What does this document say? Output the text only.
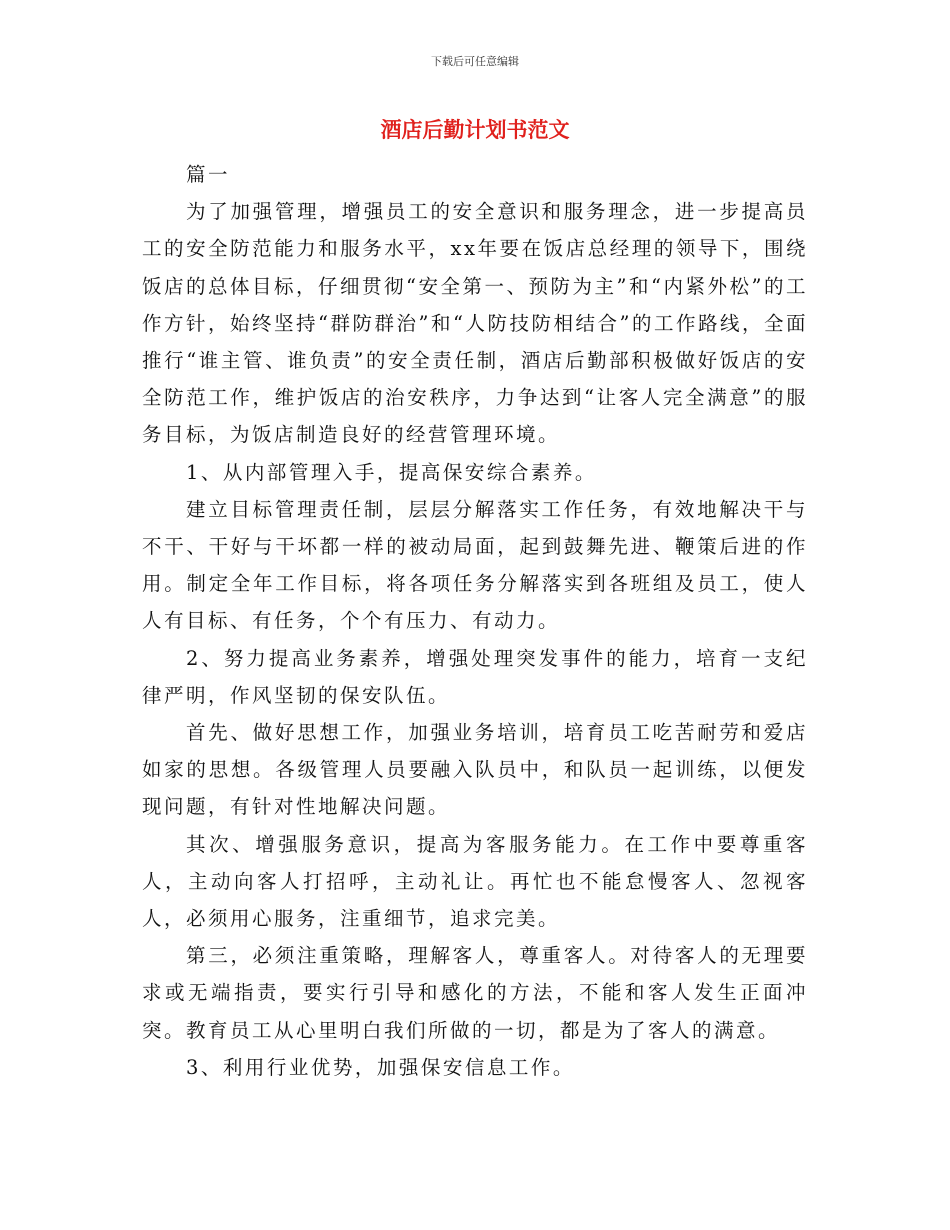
下载后可任意编辑
酒店后勤计划书范文

篇一

为了加强管理，增强员工的安全意识和服务理念，进一步提高员工的安全防范能力和服务水平，xx年要在饭店总经理的领导下，围绕饭店的总体目标，仔细贯彻“安全第一、预防为主”和“内紧外松”的工作方针，始终坚持“群防群治”和“人防技防相结合”的工作路线，全面推行“谁主管、谁负责”的安全责任制，酒店后勤部积极做好饭店的安全防范工作，维护饭店的治安秩序，力争达到“让客人完全满意”的服务目标，为饭店制造良好的经营管理环境。

1、从内部管理入手，提高保安综合素养。

建立目标管理责任制，层层分解落实工作任务，有效地解决干与不干、干好与干坏都一样的被动局面，起到鼓舞先进、鞭策后进的作用。制定全年工作目标，将各项任务分解落实到各班组及员工，使人人有目标、有任务，个个有压力、有动力。

2、努力提高业务素养，增强处理突发事件的能力，培育一支纪律严明，作风坚韧的保安队伍。

首先、做好思想工作，加强业务培训，培育员工吃苦耐劳和爱店如家的思想。各级管理人员要融入队员中，和队员一起训练，以便发现问题，有针对性地解决问题。

其次、增强服务意识，提高为客服务能力。在工作中要尊重客人，主动向客人打招呼，主动礼让。再忙也不能怠慢客人、忽视客人，必须用心服务，注重细节，追求完美。

第三，必须注重策略，理解客人，尊重客人。对待客人的无理要求或无端指责，要实行引导和感化的方法，不能和客人发生正面冲突。教育员工从心里明白我们所做的一切，都是为了客人的满意。

3、利用行业优势，加强保安信息工作。
